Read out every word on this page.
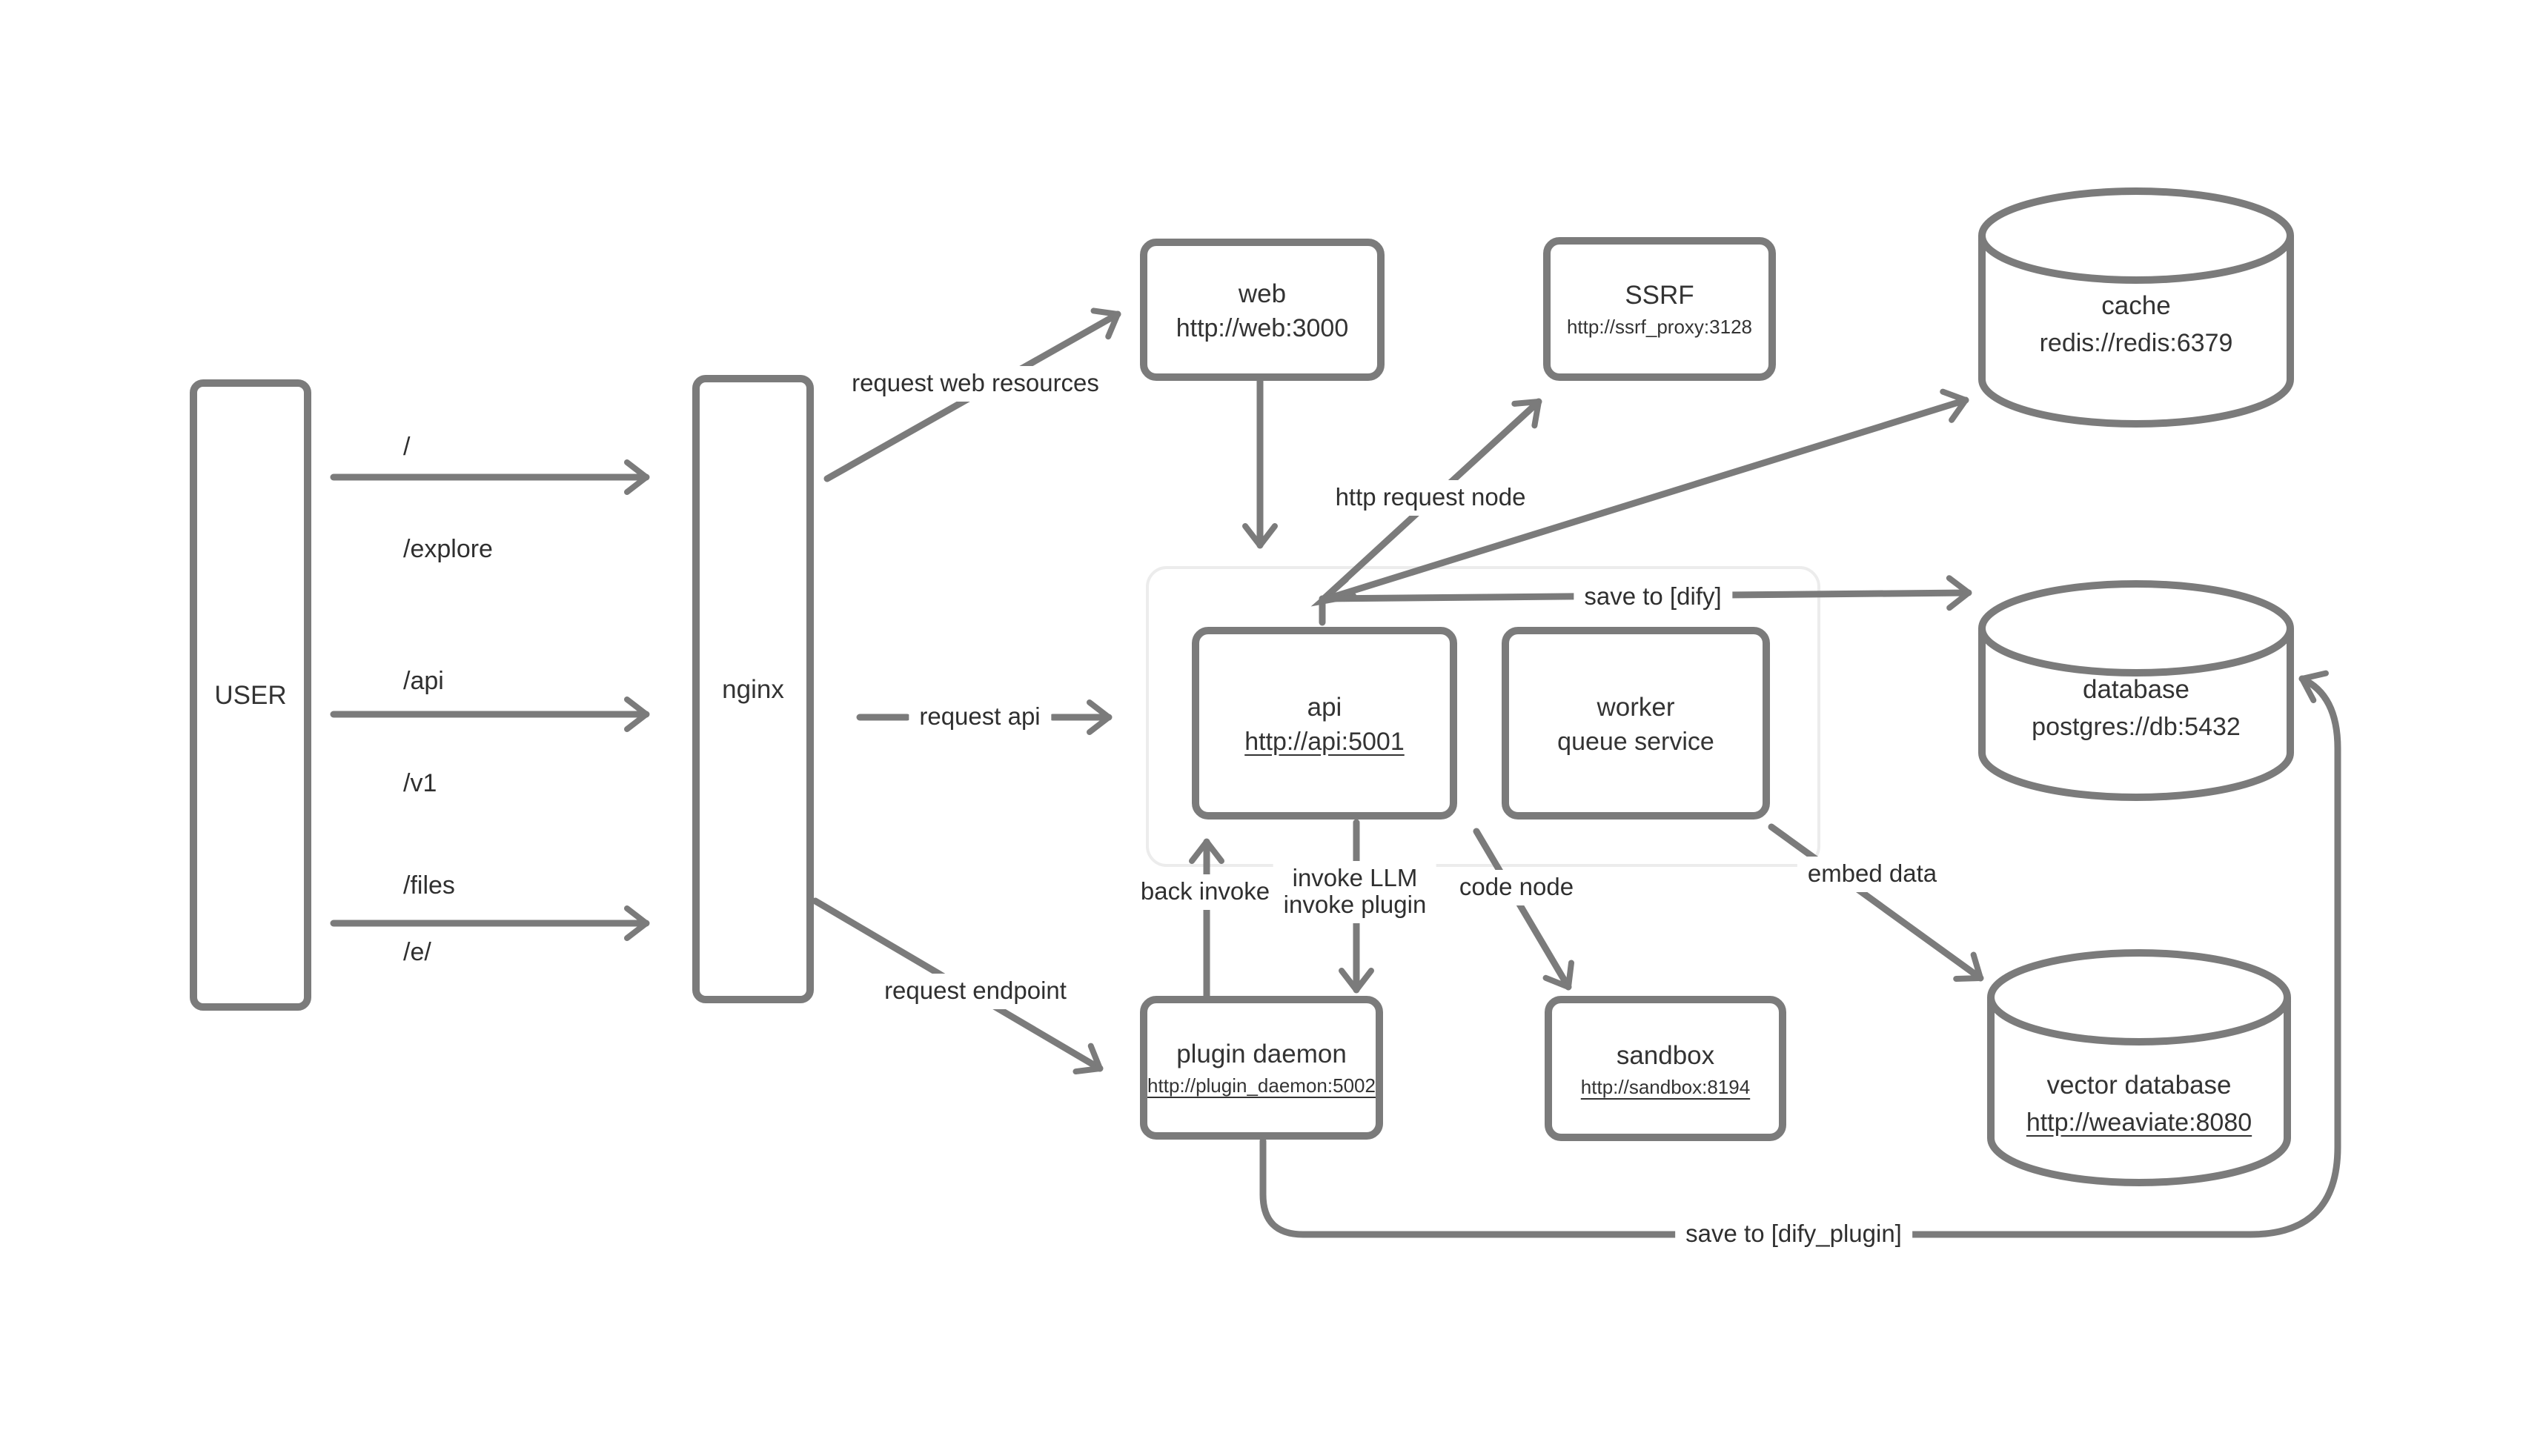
USER	nginx
web
http://web:3000
SSRF
http://ssrf_proxy:3128
api
http://api:5001
worker
queue service
plugin daemon
http://plugin_daemon:5002
sandbox
http://sandbox:8194
cache
redis://redis:6379
database
postgres://db:5432
vector database
http://weaviate:8080

/

/explore

/api

/v1

/files

/e/

request web resources
request api
request endpoint
http request node
save to [dify]
back invoke	invoke LLM
invoke plugin
code node	embed data
save to [dify_plugin]
